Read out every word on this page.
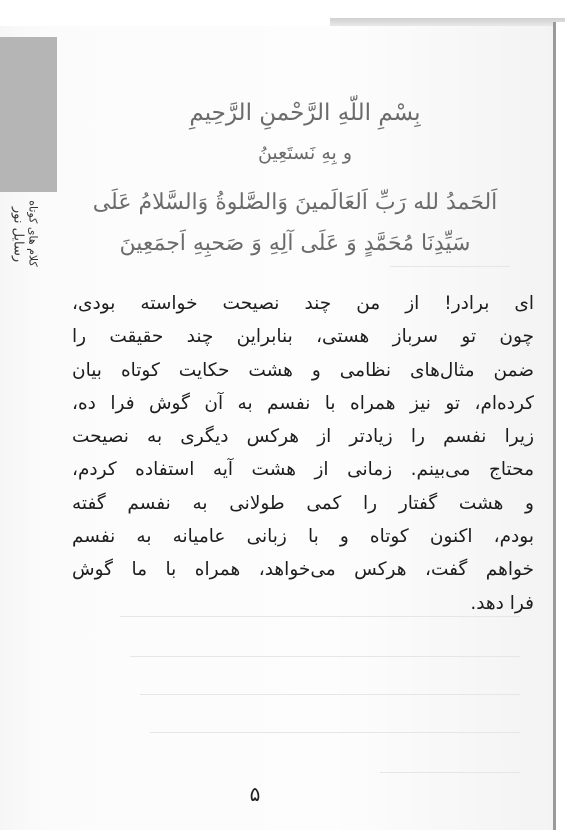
رسایل نور کلام های کوتاه
بِسْمِ اللّهِ الرَّحْمنِ الرَّحِيمِ
و بِهِ نَستَعِينُ
اَلحَمدُ لله رَبِّ اَلعَالَمينَ وَالصَّلوةُ وَالسَّلامُ عَلَى
سَيِّدِنَا مُحَمَّدٍ وَ عَلَى آلِهِ وَ صَحبِهِ اَجمَعِينَ
ای برادر! از من چند نصیحت خواسته بودی،
چون تو سرباز هستی، بنابراین چند حقیقت را
ضمن مثال‌های نظامی و هشت حکایت کوتاه بیان
کرده‌ام، تو نیز همراه با نفسم به آن گوش فرا ده،
زیرا نفسم را زیادتر از هرکس دیگری به نصیحت
محتاج می‌بینم. زمانی از هشت آیه استفاده کردم،
و هشت گفتار را کمی طولانی به نفسم گفته
بودم، اکنون کوتاه و با زبانی عامیانه به نفسم
خواهم گفت، هرکس می‌خواهد، همراه با ما گوش
فرا دهد.
۵
